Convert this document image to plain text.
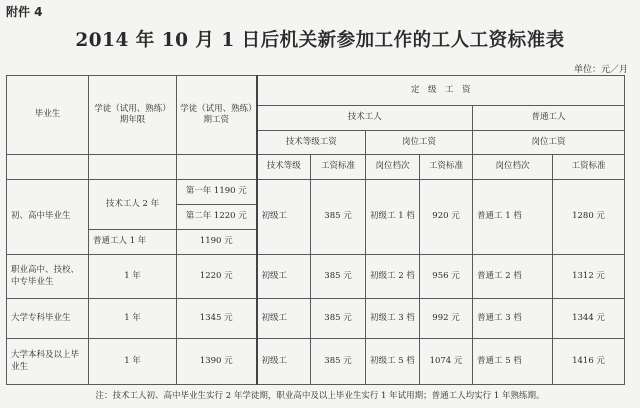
附件 4
2014 年 10 月 1 日后机关新参加工作的工人工资标准表
单位：元／月
毕业生	学徒（试用、熟练）期年限	学徒（试用、熟练）期工资	定　级　工　资					
			技术工人				普通工人	
			技术等级工资		岗位工资		岗位工资	
			技术等级	工资标准	岗位档次	工资标准	岗位档次	工资标准
初、高中毕业生	技术工人 2 年	第一年 1190 元	初级工	385 元	初级工 1 档	920 元	普通工 1 档	1280 元
		第二年 1220 元						
	普通工人 1 年	1190 元						
职业高中、技校、中专毕业生	1 年	1220 元	初级工	385 元	初级工 2 档	956 元	普通工 2 档	1312 元
大学专科毕业生	1 年	1345 元	初级工	385 元	初级工 3 档	992 元	普通工 3 档	1344 元
大学本科及以上毕业生	1 年	1390 元	初级工	385 元	初级工 5 档	1074 元	普通工 5 档	1416 元
注：技术工人初、高中毕业生实行 2 年学徒期，职业高中及以上毕业生实行 1 年试用期；普通工人均实行 1 年熟练期。
